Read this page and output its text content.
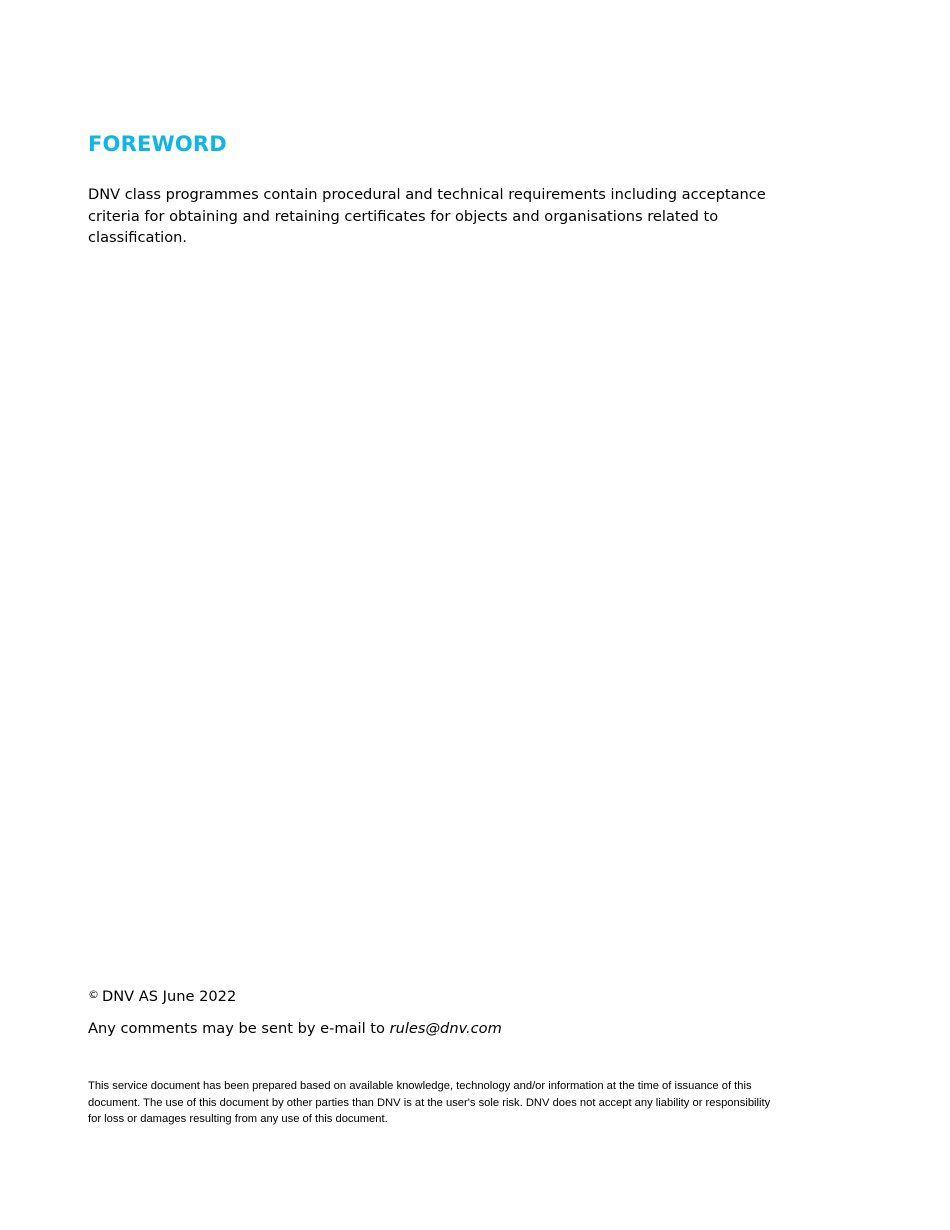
FOREWORD
DNV class programmes contain procedural and technical requirements including acceptance
criteria for obtaining and retaining certificates for objects and organisations related to
classification.
© DNV AS June 2022
Any comments may be sent by e-mail to rules@dnv.com
This service document has been prepared based on available knowledge, technology and/or information at the time of issuance of this
document. The use of this document by other parties than DNV is at the user's sole risk. DNV does not accept any liability or responsibility
for loss or damages resulting from any use of this document.
